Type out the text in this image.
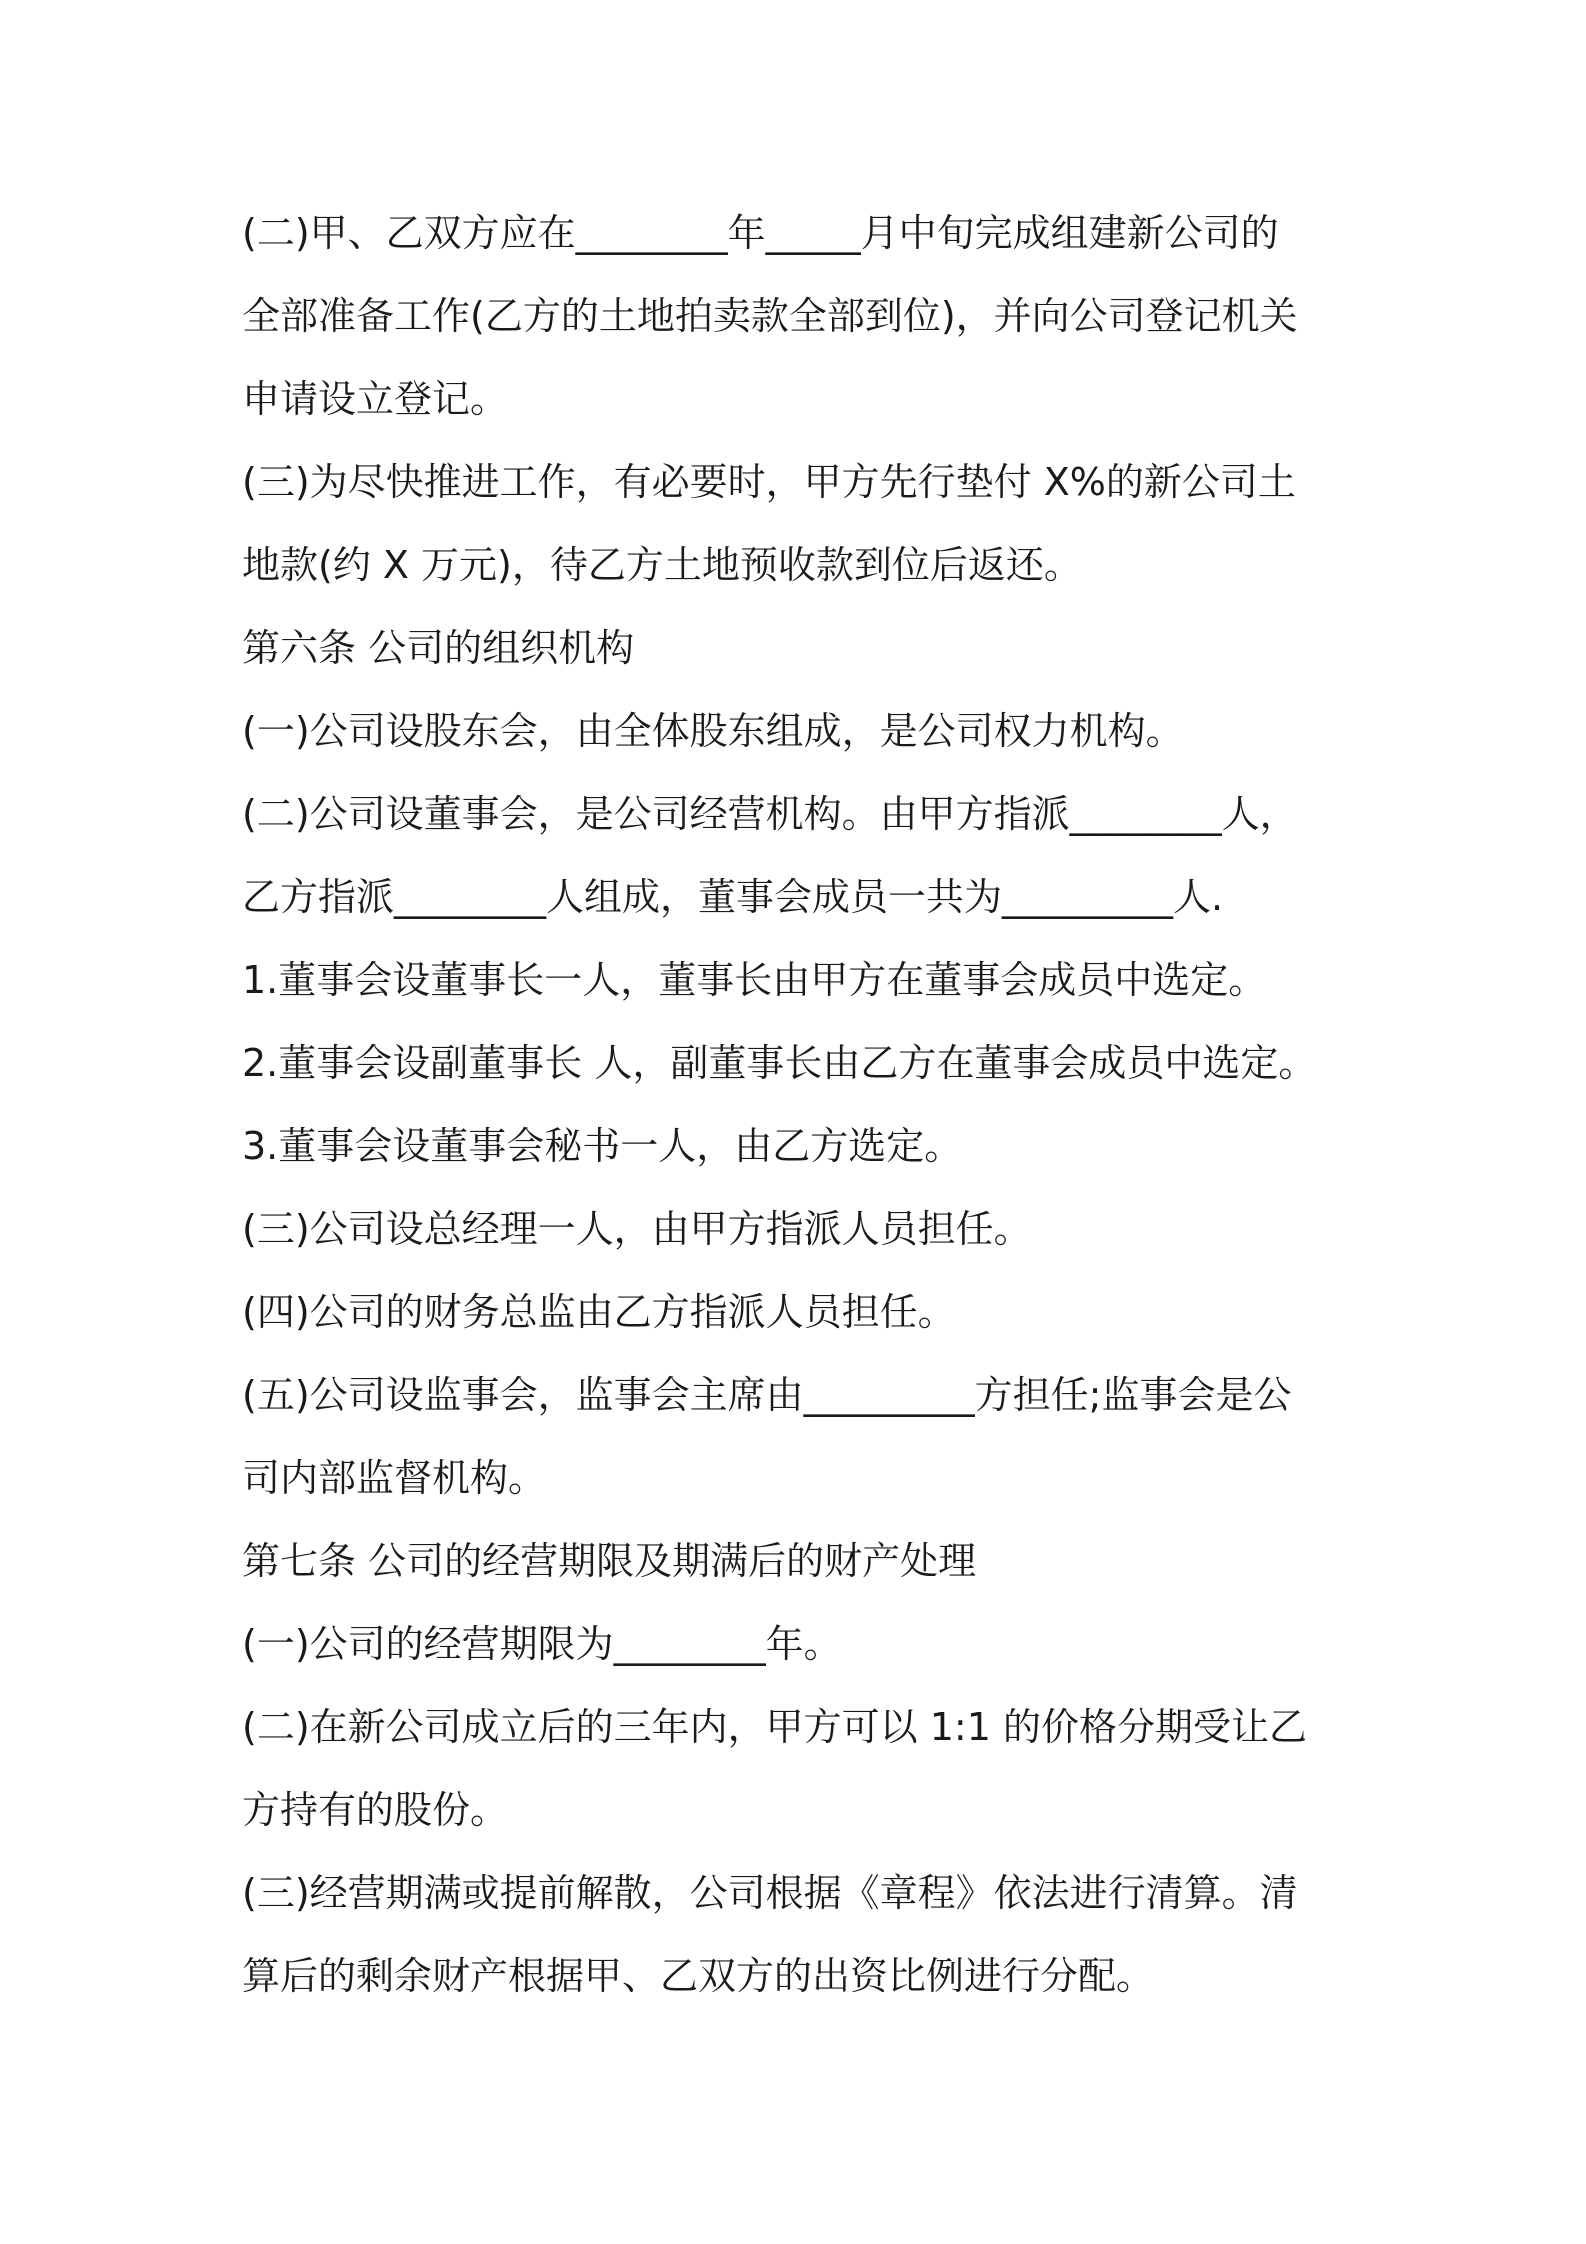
(二)甲、乙双方应在________年_____月中旬完成组建新公司的
全部准备工作(乙方的土地拍卖款全部到位)，并向公司登记机关
申请设立登记。
(三)为尽快推进工作，有必要时，甲方先行垫付 X%的新公司土
地款(约 X 万元)，待乙方土地预收款到位后返还。
第六条 公司的组织机构
(一)公司设股东会，由全体股东组成，是公司权力机构。
(二)公司设董事会，是公司经营机构。由甲方指派________人，
乙方指派________人组成，董事会成员一共为_________人.
1.董事会设董事长一人，董事长由甲方在董事会成员中选定。
2.董事会设副董事长 人，副董事长由乙方在董事会成员中选定。
3.董事会设董事会秘书一人，由乙方选定。
(三)公司设总经理一人，由甲方指派人员担任。
(四)公司的财务总监由乙方指派人员担任。
(五)公司设监事会，监事会主席由_________方担任;监事会是公
司内部监督机构。
第七条 公司的经营期限及期满后的财产处理
(一)公司的经营期限为________年。
(二)在新公司成立后的三年内，甲方可以 1:1 的价格分期受让乙
方持有的股份。
(三)经营期满或提前解散，公司根据《章程》依法进行清算。清
算后的剩余财产根据甲、乙双方的出资比例进行分配。
